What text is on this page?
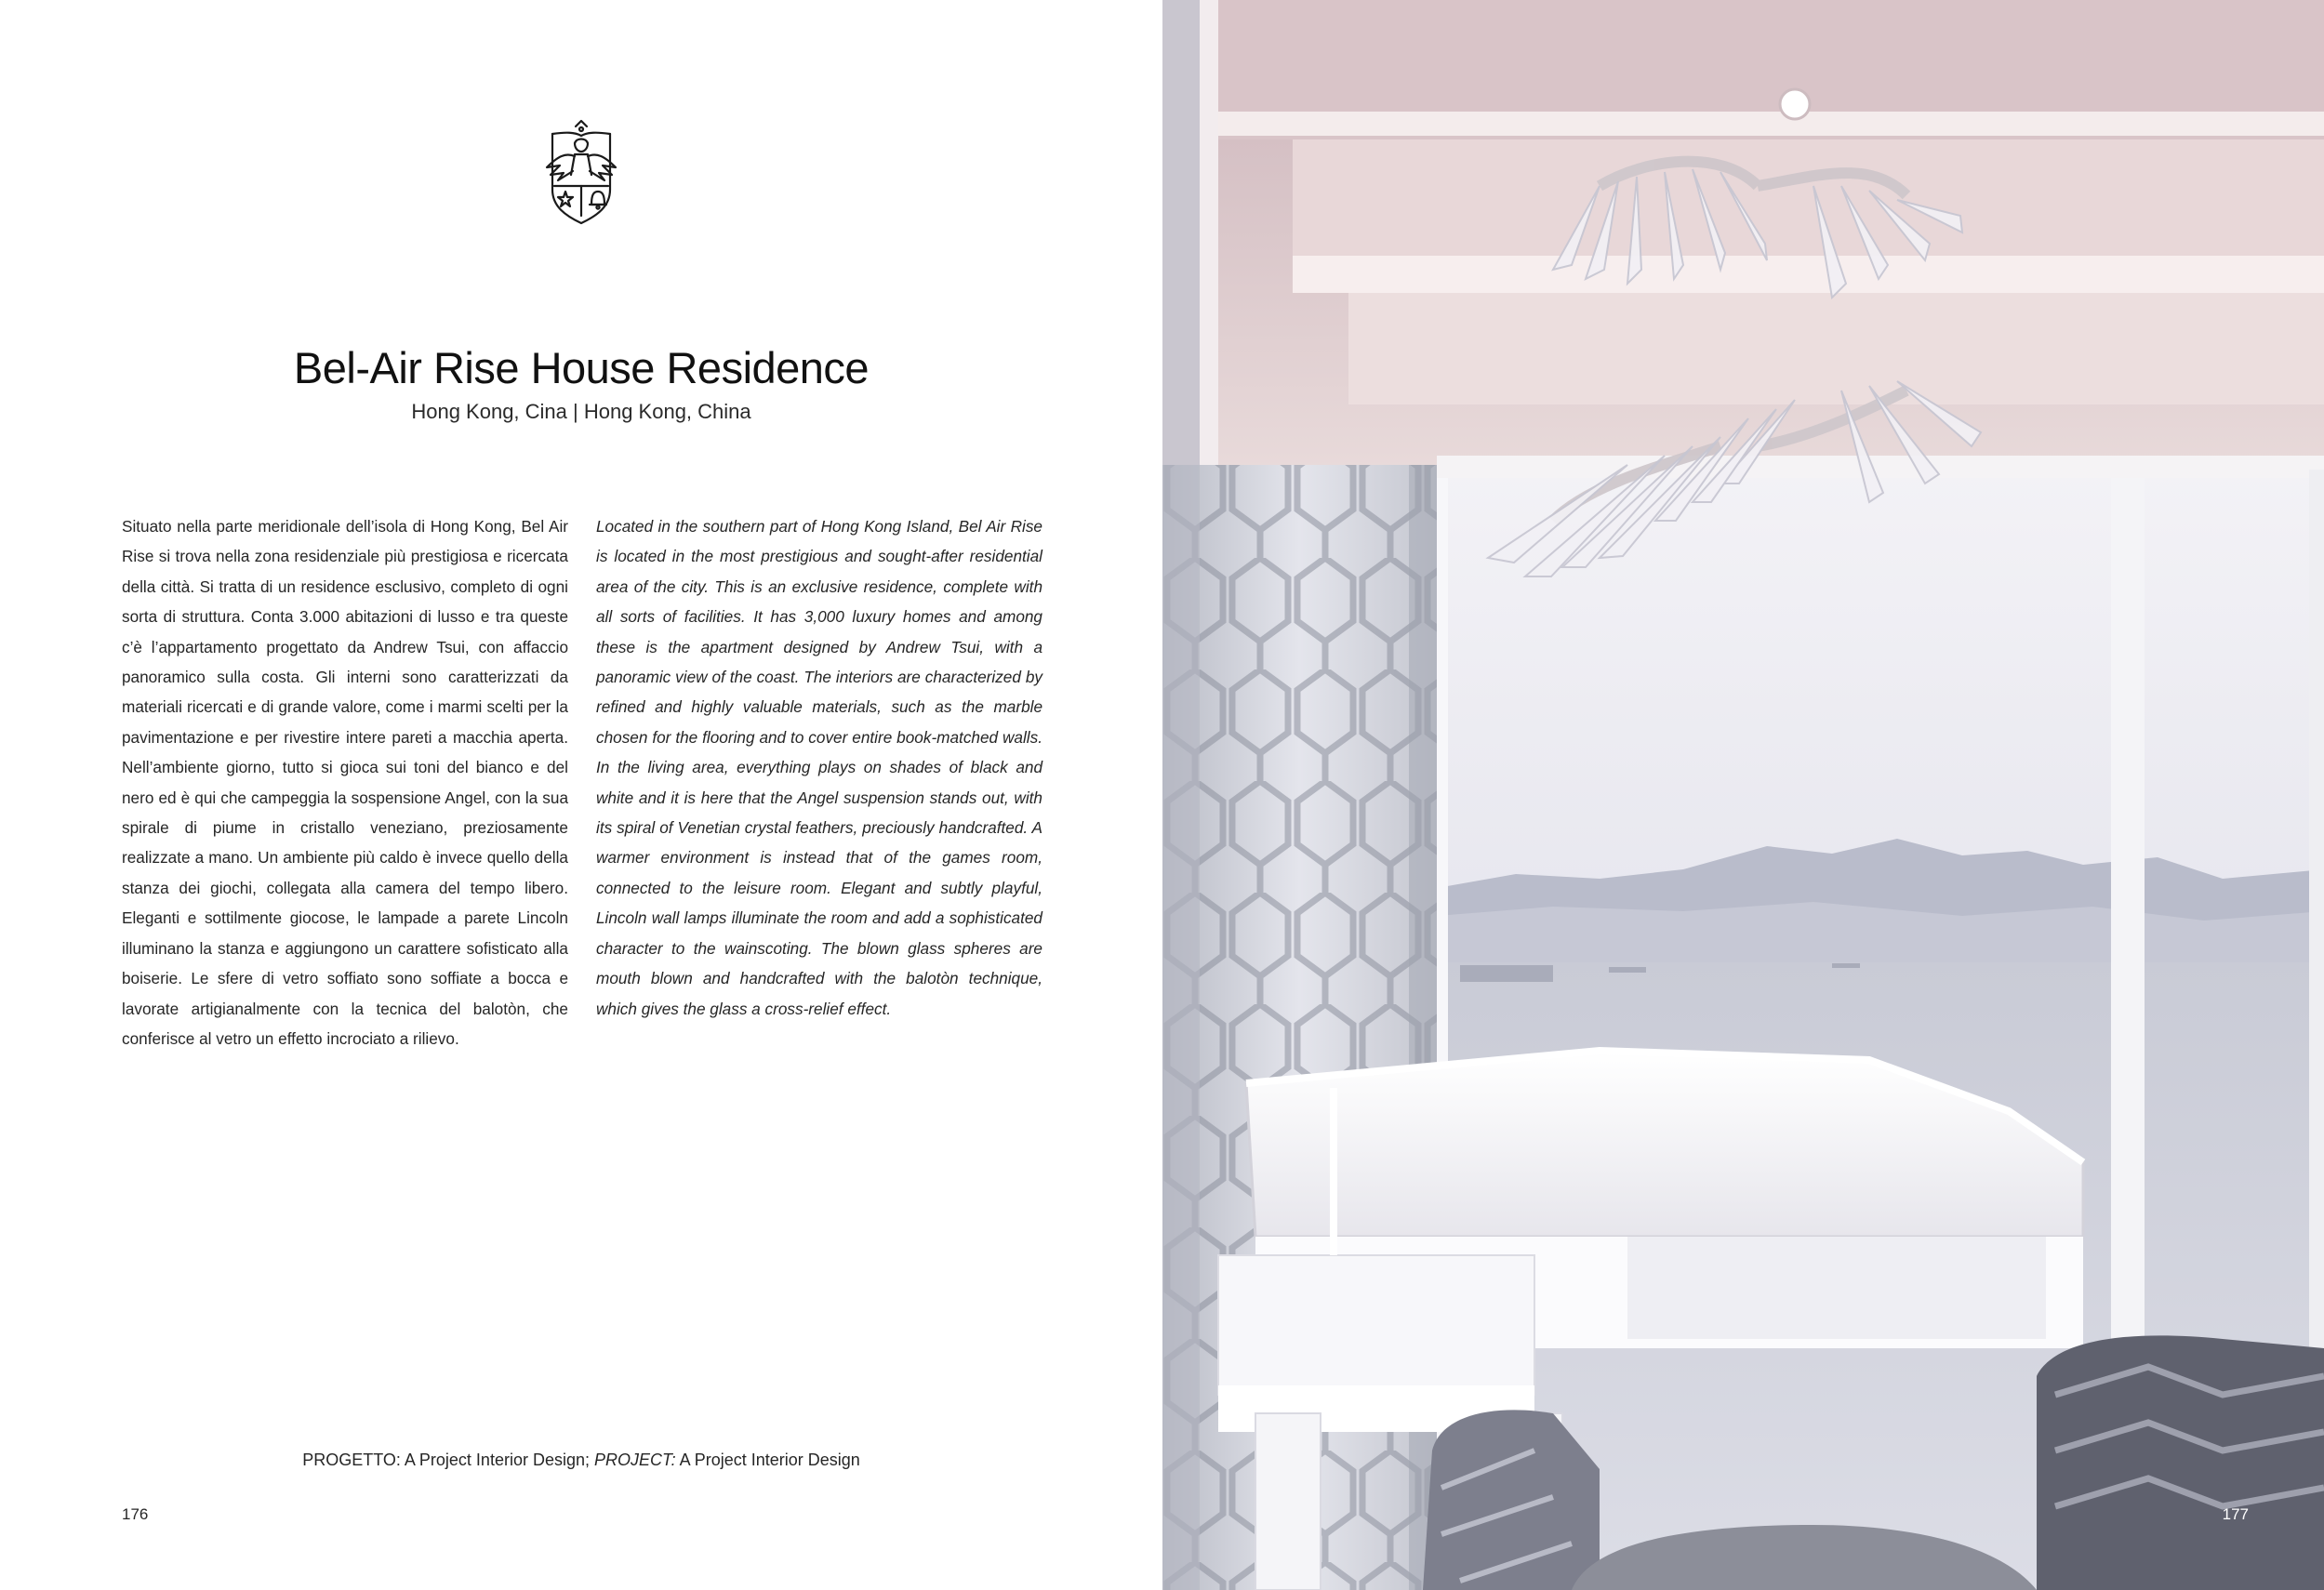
Bel-Air Rise House Residence
Hong Kong, Cina | Hong Kong, China
Situato nella parte meridionale dell’isola di Hong Kong, Bel Air Rise si trova nella zona residenziale più prestigiosa e ricercata della città. Si tratta di un residence esclusivo, completo di ogni sorta di struttura. Conta 3.000 abitazioni di lusso e tra queste c’è l’appartamento progettato da Andrew Tsui, con affaccio panoramico sulla costa. Gli interni sono caratterizzati da materiali ricercati e di grande valore, come i marmi scelti per la pavimentazione e per rivestire intere pareti a macchia aperta. Nell’ambiente giorno, tutto si gioca sui toni del bianco e del nero ed è qui che campeggia la sospensione Angel, con la sua spirale di piume in cristallo veneziano, preziosamente realizzate a mano. Un ambiente più caldo è invece quello della stanza dei giochi, collegata alla camera del tempo libero. Eleganti e sottilmente giocose, le lampade a parete Lincoln illuminano la stanza e aggiungono un carattere sofisticato alla boiserie. Le sfere di vetro soffiato sono soffiate a bocca e lavorate artigianalmente con la tecnica del balotòn, che conferisce al vetro un effetto incrociato a rilievo.
Located in the southern part of Hong Kong Island, Bel Air Rise is located in the most prestigious and sought-after residential area of the city. This is an exclusive residence, complete with all sorts of facilities. It has 3,000 luxury homes and among these is the apartment designed by Andrew Tsui, with a panoramic view of the coast. The interiors are characterized by refined and highly valuable materials, such as the marble chosen for the flooring and to cover entire book-matched walls. In the living area, everything plays on shades of black and white and it is here that the Angel suspension stands out, with its spiral of Venetian crystal feathers, preciously handcrafted. A warmer environment is instead that of the games room, connected to the leisure room. Elegant and subtly playful, Lincoln wall lamps illuminate the room and add a sophisticated character to the wainscoting. The blown glass spheres are mouth blown and handcrafted with the balotòn technique, which gives the glass a cross-relief effect.
PROGETTO: A Project Interior Design; PROJECT: A Project Interior Design
176	177
